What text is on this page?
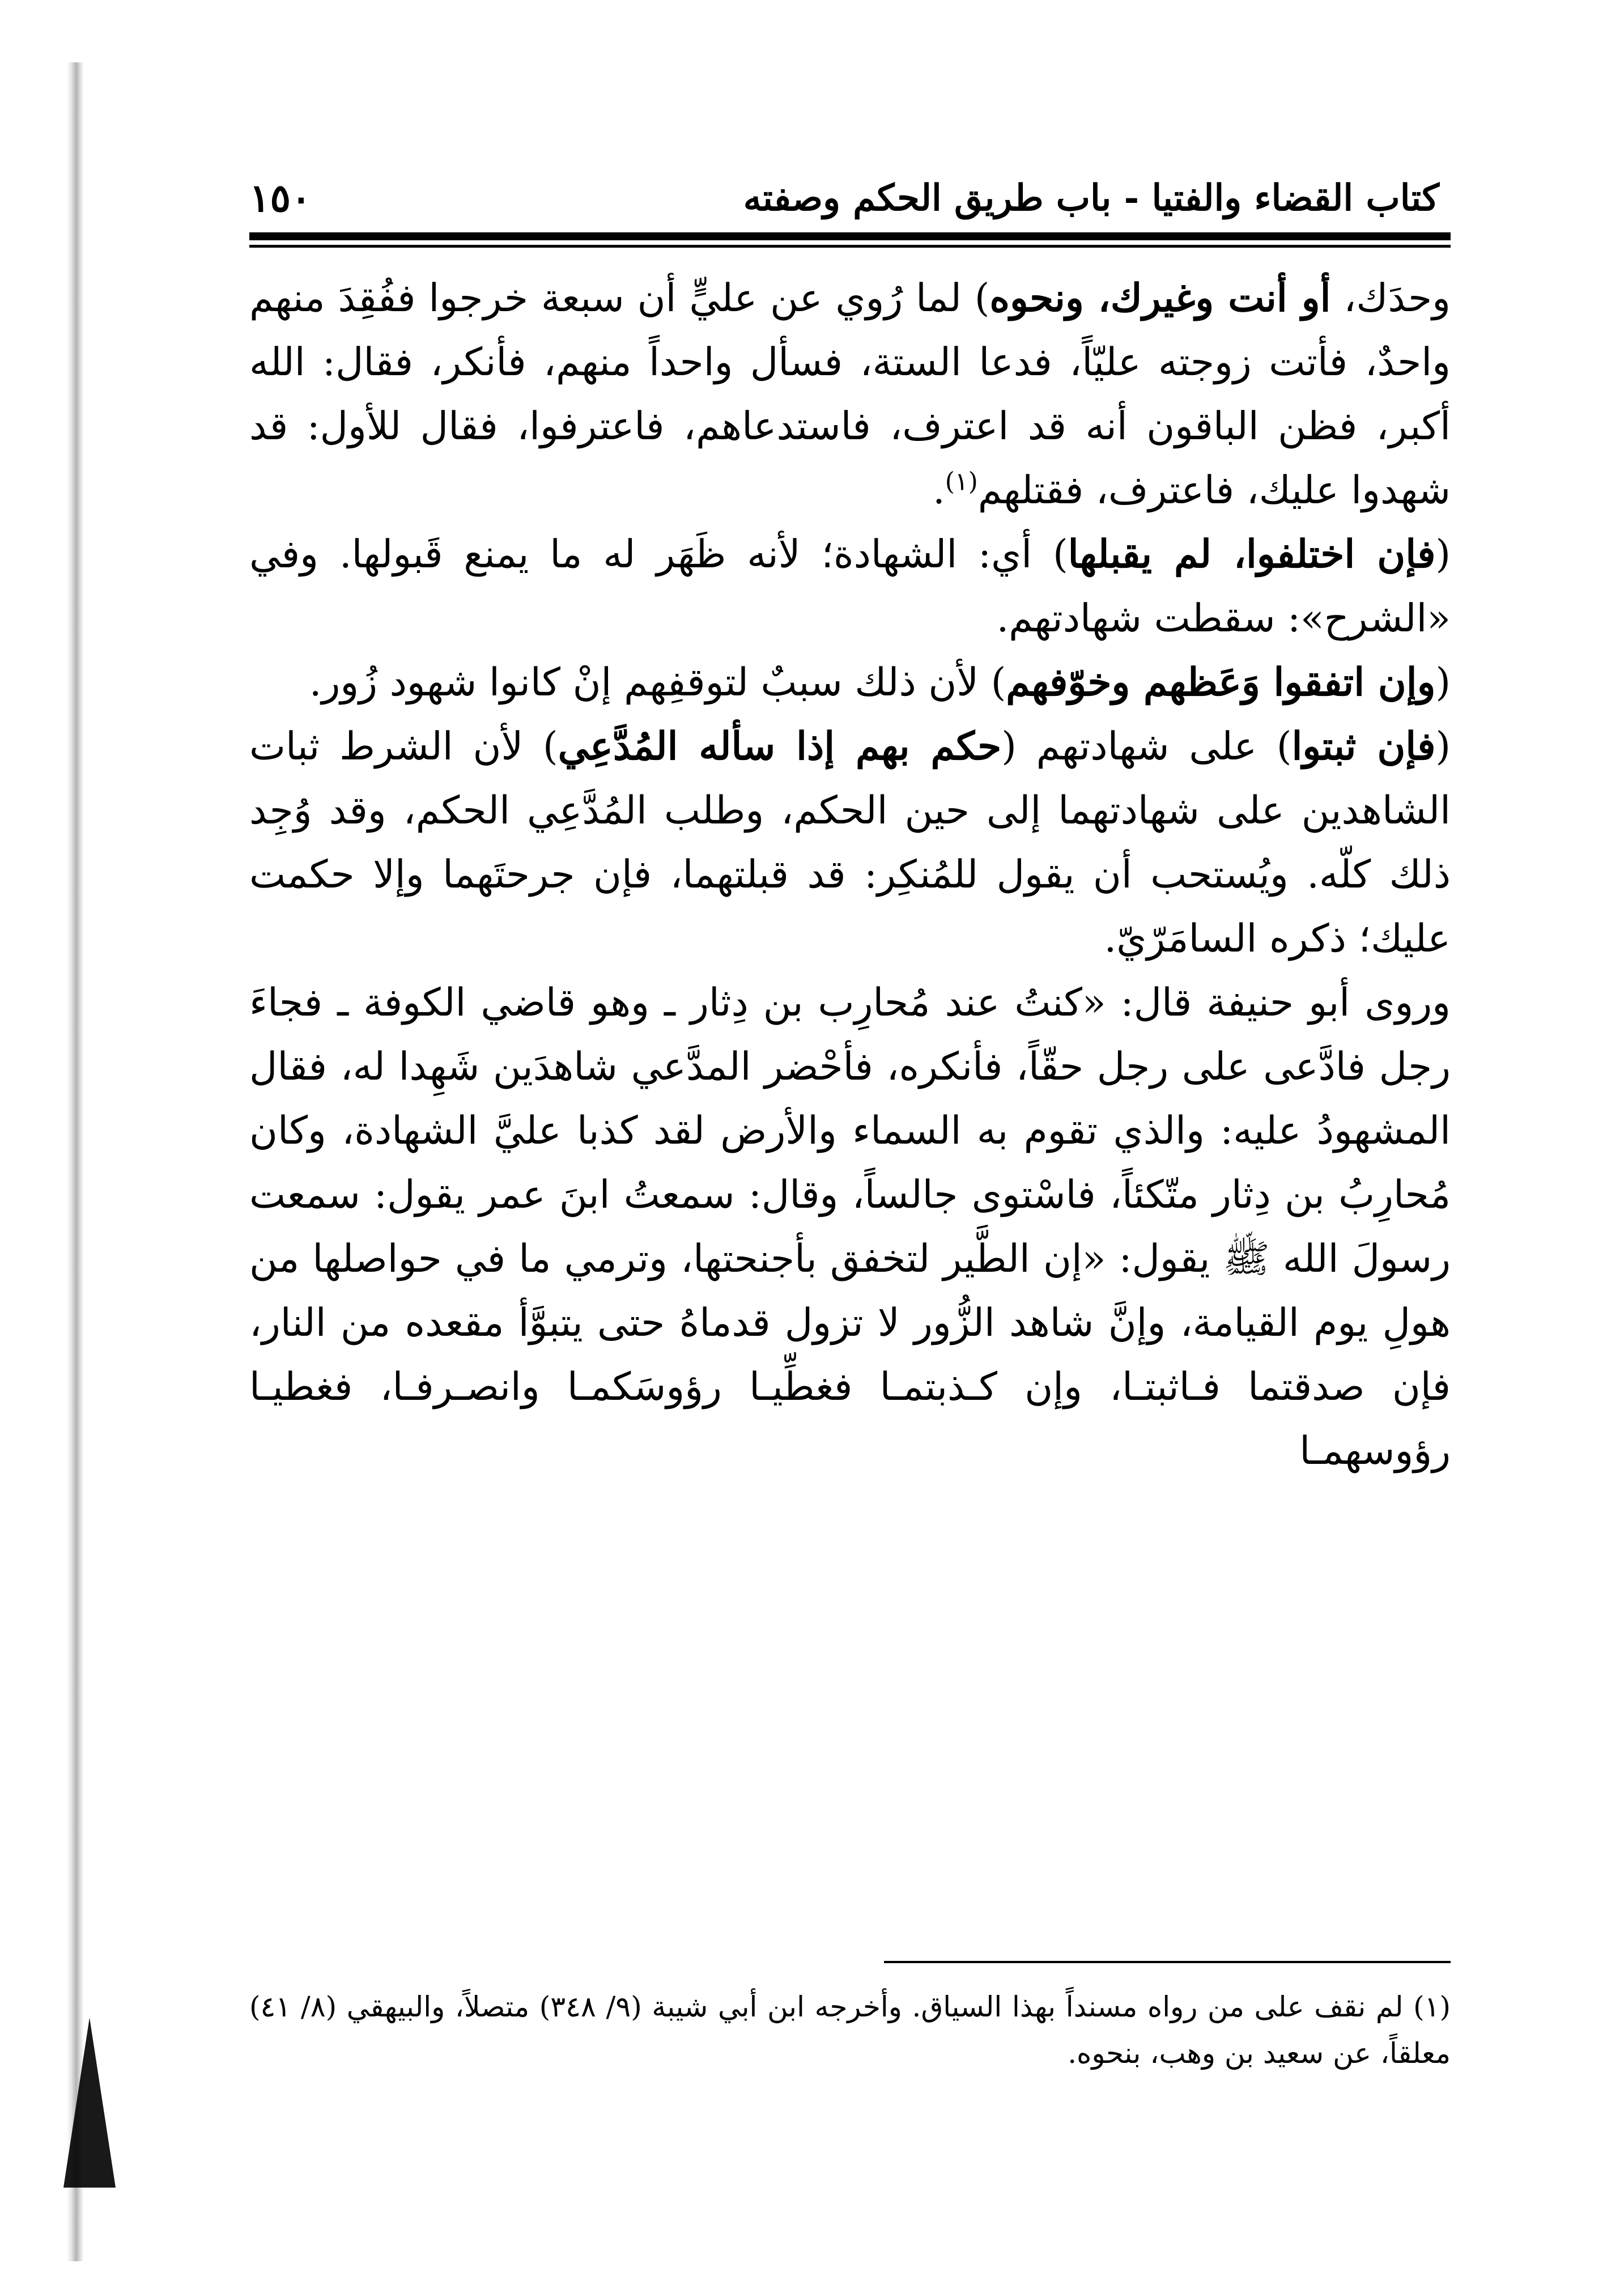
١٥٠	كتاب القضاء والفتيا - باب طريق الحكم وصفته

وحدَك، أو أنت وغيرك، ونحوه) لما رُوي عن عليٍّ أن سبعة خرجوا ففُقِدَ منهم واحدٌ، فأتت زوجته عليّاً، فدعا الستة، فسأل واحداً منهم، فأنكر، فقال: الله أكبر، فظن الباقون أنه قد اعترف، فاستدعاهم، فاعترفوا، فقال للأول: قد شهدوا عليك، فاعترف، فقتلهم$^{(١)}$.

(فإن اختلفوا، لم يقبلها) أي: الشهادة؛ لأنه ظَهَر له ما يمنع قَبولها. وفي «الشرح»: سقطت شهادتهم.

(وإن اتفقوا وَعَظهم وخوّفهم) لأن ذلك سببٌ لتوقفِهم إنْ كانوا شهود زُور.

(فإن ثبتوا) على شهادتهم (حكم بهم إذا سأله المُدَّعِي) لأن الشرط ثبات الشاهدين على شهادتهما إلى حين الحكم، وطلب المُدَّعِي الحكم، وقد وُجِد ذلك كلّه. ويُستحب أن يقول للمُنكِر: قد قبلتهما، فإن جرحتَهما وإلا حكمت عليك؛ ذكره السامَرّيّ.

وروى أبو حنيفة قال: «كنتُ عند مُحارِب بن دِثار ـ وهو قاضي الكوفة ـ فجاءَ رجل فادَّعى على رجل حقّاً، فأنكره، فأحْضر المدَّعي شاهدَين شَهِدا له، فقال المشهودُ عليه: والذي تقوم به السماء والأرض لقد كذبا عليَّ الشهادة، وكان مُحارِبُ بن دِثار متّكئاً، فاسْتوى جالساً، وقال: سمعتُ ابنَ عمر يقول: سمعت رسولَ الله ﷺ يقول: «إن الطَّير لتخفق بأجنحتها، وترمي ما في حواصلها من هولِ يوم القيامة، وإنَّ شاهد الزُّور لا تزول قدماهُ حتى يتبوَّأ مقعده من النار، فإن صدقتما فـاثبتـا، وإن كـذبتمـا فغطِّيـا رؤوسَكمـا وانصـرفـا، فغطيـا رؤوسهمـا

(١) لم نقف على من رواه مسنداً بهذا السياق. وأخرجه ابن أبي شيبة (٩/ ٣٤٨) متصلاً، والبيهقي (٨/ ٤١) معلقاً، عن سعيد بن وهب، بنحوه.
